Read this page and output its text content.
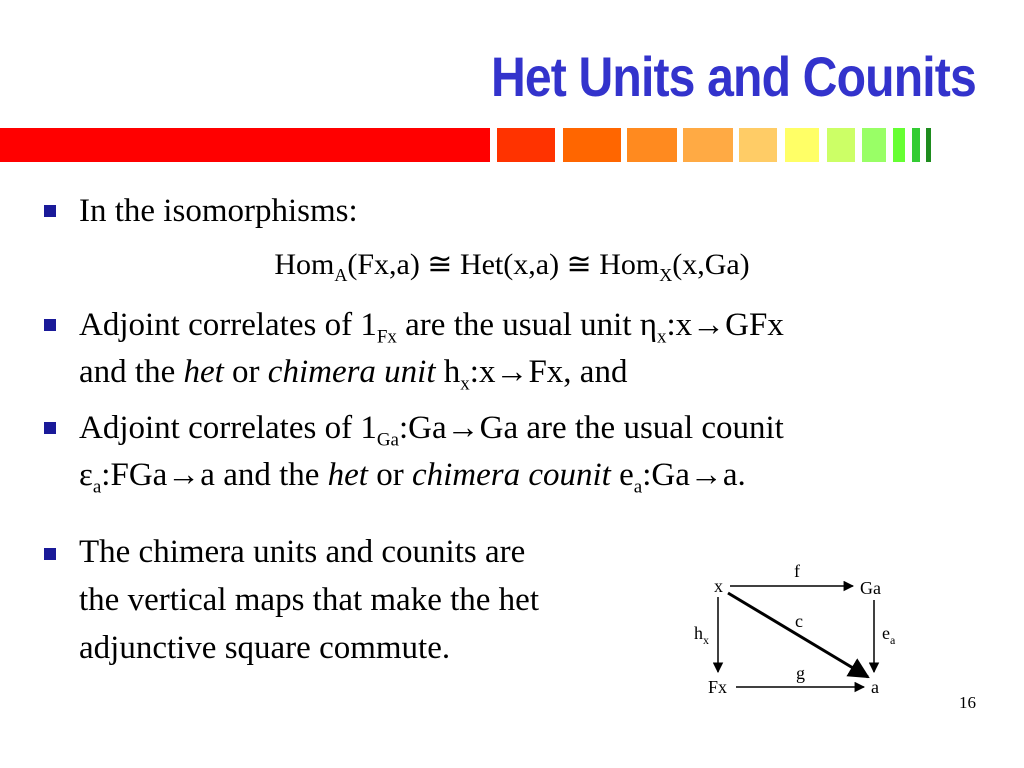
Het Units and Counits
In the isomorphisms:
Hom$_A$(Fx,a) ≅ Het(x,a) ≅ Hom$_X$(x,Ga)
Adjoint correlates of $1_{Fx}$ are the usual unit $\eta_x:x\to GFx$
and the het or chimera unit $h_x:x\to Fx$, and
Adjoint correlates of $1_{Ga}:Ga\to Ga$ are the usual counit
$\varepsilon_a:FGa\to a$ and the het or chimera counit $e_a:Ga\to a$.
The chimera units and counits are
the vertical maps that make the het
adjunctive square commute.
x	Ga
Fx	a
f
c
$h_x$	$e_a$
g
16
